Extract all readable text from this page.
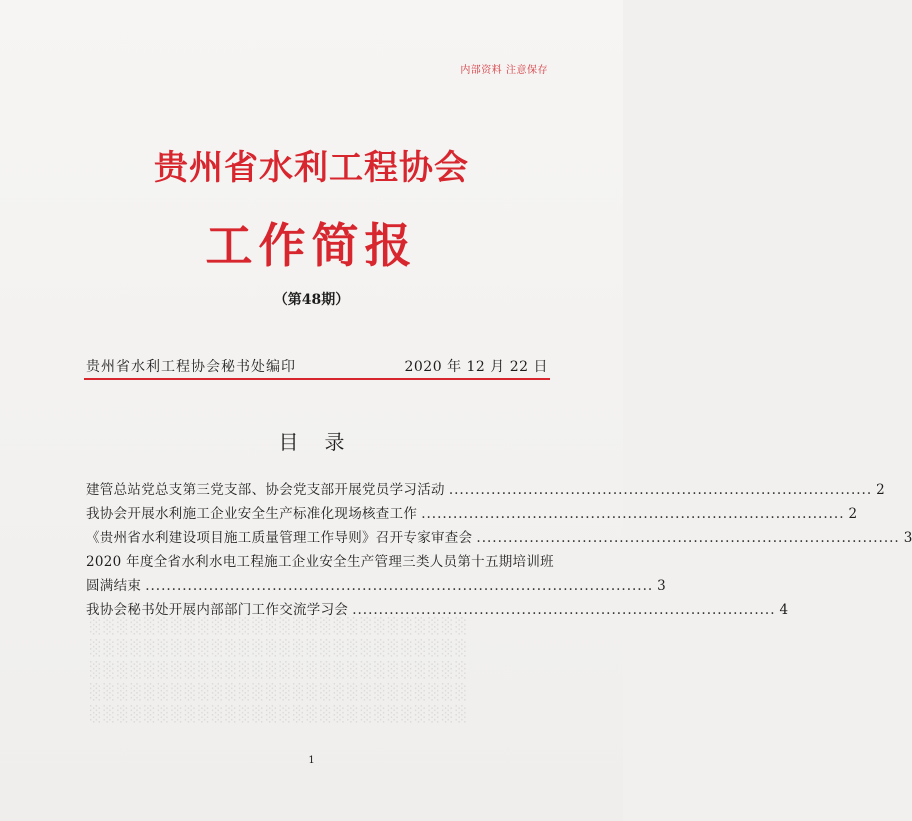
░░░░░░░░░░░░░░░░░░░░░░░░░░░░
░░░░░░░░░░░░░░░░░░░░░░░░░░░░
░░░░░░░░░░░░░░░░░░░░░░░░░░░░
░░░░░░░░░░░░░░░░░░░░░░░░░░░░
░░░░░░░░░░░░░░░░░░░░░░░░░░░░
内部资料 注意保存
贵州省水利工程协会
工作简报
（第48期）
贵州省水利工程协会秘书处编印	2020 年 12 月 22 日
目录
建管总站党总支第三党支部、协会党支部开展党员学习活动 ................................................................................ 2
我协会开展水利施工企业安全生产标准化现场核查工作 ................................................................................ 2
《贵州省水利建设项目施工质量管理工作导则》召开专家审查会 ................................................................................ 3
2020 年度全省水利水电工程施工企业安全生产管理三类人员第十五期培训班
圆满结束 ................................................................................................ 3
我协会秘书处开展内部部门工作交流学习会 ................................................................................ 4
1
